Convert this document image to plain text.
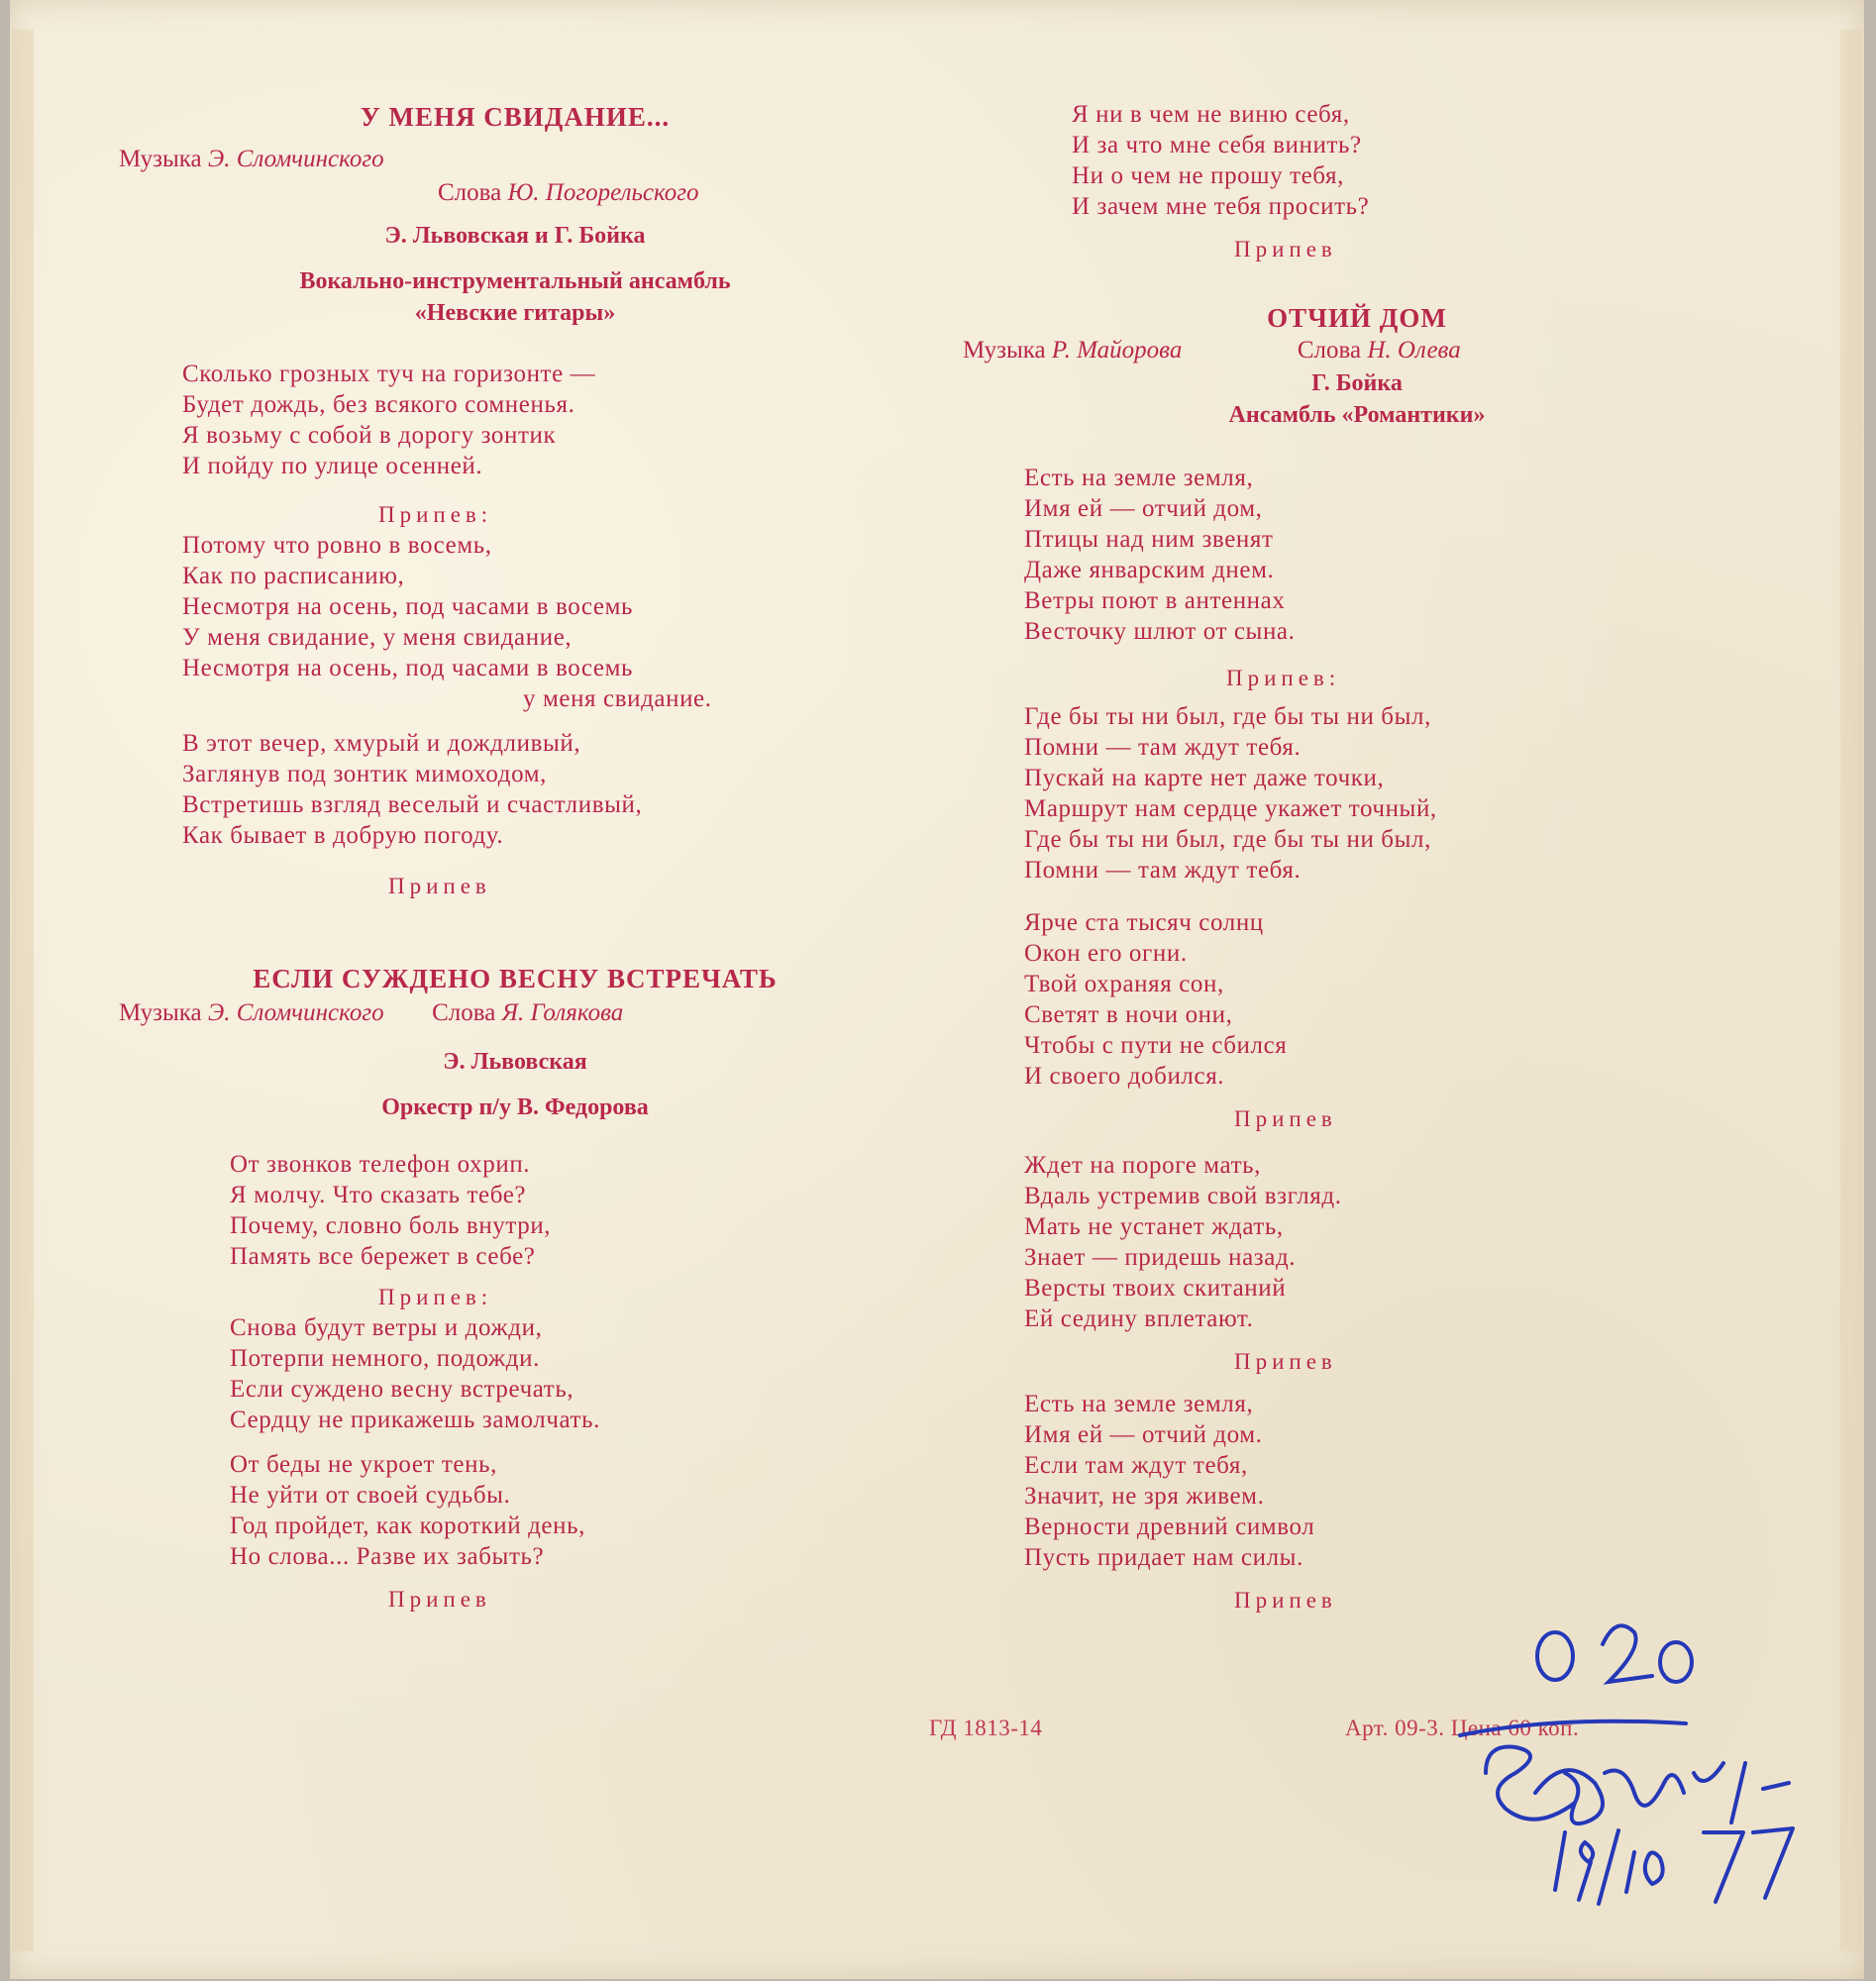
У МЕНЯ СВИДАНИЕ...

Музыка Э. Сломчинского

Слова Ю. Погорельского

Э. Львовская и Г. Бойка

Вокально-инструментальный ансамбль

«Невские гитары»

Сколько грозных туч на горизонте —

Будет дождь, без всякого сомненья.

Я возьму с собой в дорогу зонтик

И пойду по улице осенней.

Припев:

Потому что ровно в восемь,

Как по расписанию,

Несмотря на осень, под часами в восемь

У меня свидание, у меня свидание,

Несмотря на осень, под часами в восемь

у меня свидание.

В этот вечер, хмурый и дождливый,

Заглянув под зонтик мимоходом,

Встретишь взгляд веселый и счастливый,

Как бывает в добрую погоду.

Припев

ЕСЛИ СУЖДЕНО ВЕСНУ ВСТРЕЧАТЬ

Музыка Э. Сломчинского Слова Я. Голякова

Э. Львовская

Оркестр п/у В. Федорова

От звонков телефон охрип.

Я молчу. Что сказать тебе?

Почему, словно боль внутри,

Память все бережет в себе?

Припев:

Снова будут ветры и дожди,

Потерпи немного, подожди.

Если суждено весну встречать,

Сердцу не прикажешь замолчать.

От беды не укроет тень,

Не уйти от своей судьбы.

Год пройдет, как короткий день,

Но слова... Разве их забыть?

Припев

Я ни в чем не виню себя,

И за что мне себя винить?

Ни о чем не прошу тебя,

И зачем мне тебя просить?

Припев

ОТЧИЙ ДОМ

Музыка Р. Майорова	Слова Н. Олева

Г. Бойка

Ансамбль «Романтики»

Есть на земле земля,

Имя ей — отчий дом,

Птицы над ним звенят

Даже январским днем.

Ветры поют в антеннах

Весточку шлют от сына.

Припев:

Где бы ты ни был, где бы ты ни был,

Помни — там ждут тебя.

Пускай на карте нет даже точки,

Маршрут нам сердце укажет точный,

Где бы ты ни был, где бы ты ни был,

Помни — там ждут тебя.

Ярче ста тысяч солнц

Окон его огни.

Твой охраняя сон,

Светят в ночи они,

Чтобы с пути не сбился

И своего добился.

Припев

Ждет на пороге мать,

Вдаль устремив свой взгляд.

Мать не устанет ждать,

Знает — придешь назад.

Версты твоих скитаний

Ей седину вплетают.

Припев

Есть на земле земля,

Имя ей — отчий дом.

Если там ждут тебя,

Значит, не зря живем.

Верности древний символ

Пусть придает нам силы.

Припев

ГД 1813-14	Арт. 09-3. Цена 60 коп.
